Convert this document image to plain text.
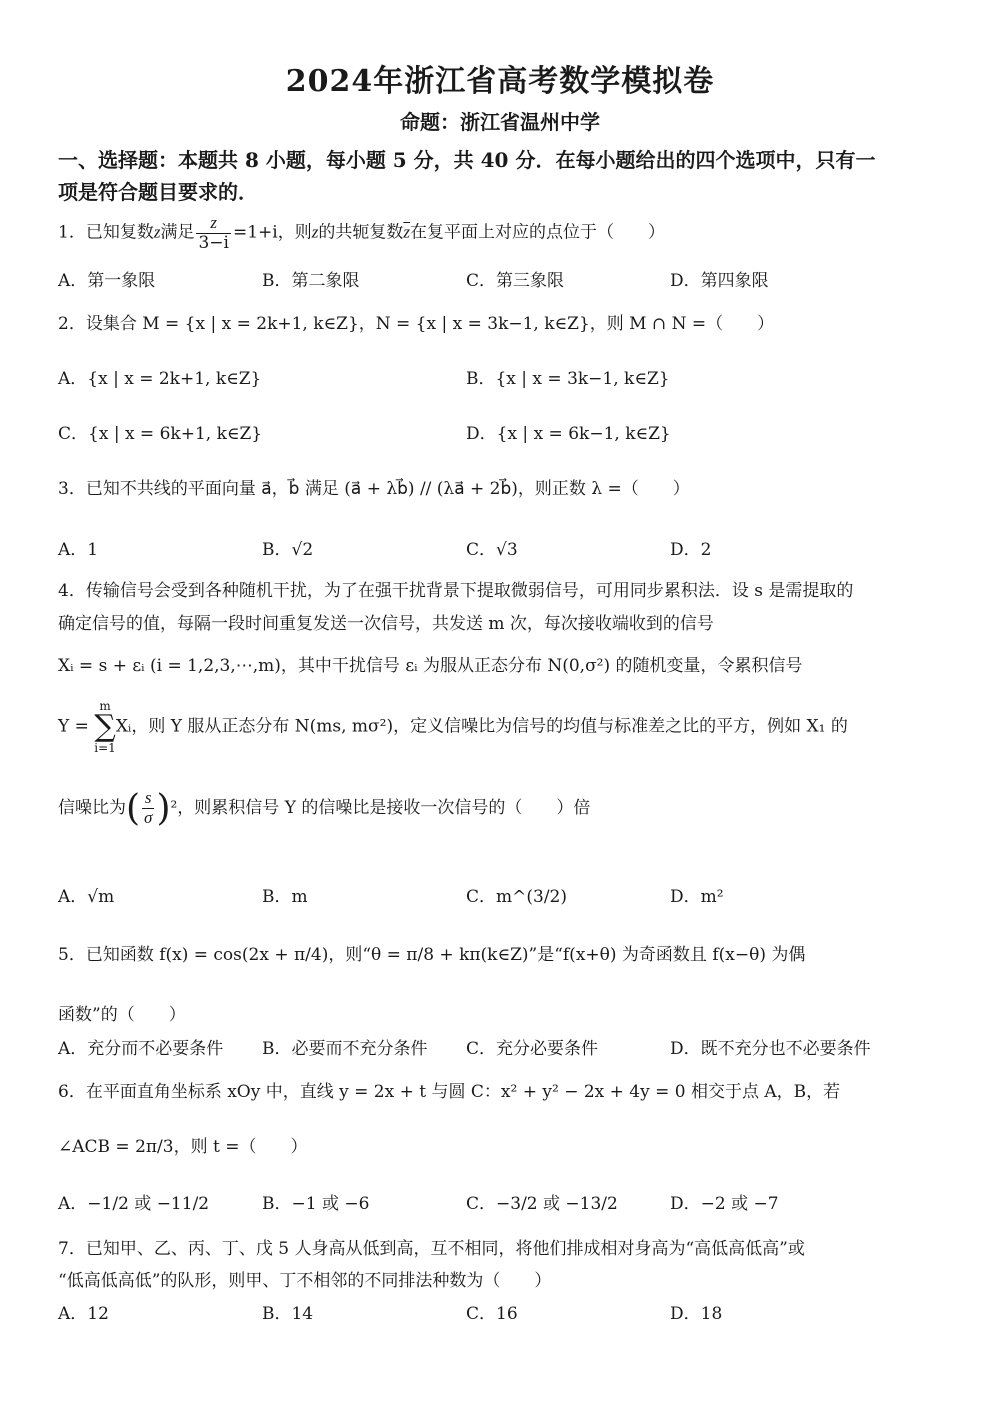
2024年浙江省高考数学模拟卷
命题：浙江省温州中学
一、选择题：本题共 8 小题，每小题 5 分，共 40 分．在每小题给出的四个选项中，只有一
项是符合题目要求的．
1．已知复数z满足 $\frac{z}{3-i} =1+i$，则z的共轭复数$\overline{z}$在复平面上对应的点位于（　　）
A．第一象限	B．第二象限	C．第三象限	D．第四象限
2．设集合 M = {x | x = 2k+1, k∈Z}，N = {x | x = 3k−1, k∈Z}，则 M ∩ N =（　　）
A．{x | x = 2k+1, k∈Z}	B．{x | x = 3k−1, k∈Z}
C．{x | x = 6k+1, k∈Z}	D．{x | x = 6k−1, k∈Z}
3．已知不共线的平面向量 a⃗，b⃗ 满足 (a⃗ + λb⃗) // (λa⃗ + 2b⃗)，则正数 λ =（　　）
A．1	B．√2	C．√3	D．2
4．传输信号会受到各种随机干扰，为了在强干扰背景下提取微弱信号，可用同步累积法．设 s 是需提取的
确定信号的值，每隔一段时间重复发送一次信号，共发送 m 次，每次接收端收到的信号
Xᵢ = s + εᵢ (i = 1,2,3,⋯,m)，其中干扰信号 εᵢ 为服从正态分布 N(0,σ²) 的随机变量，令累积信号
Y = m
∑
i=1Xᵢ，则 Y 服从正态分布 N(ms, mσ²)，定义信噪比为信号的均值与标准差之比的平方，例如 X₁ 的
信噪比为( $\frac{s}{\sigma} )^2$，则累积信号 Y 的信噪比是接收一次信号的（　　）倍
A．√m	B．m	C．m^(3/2)	D．m²
5．已知函数 f(x) = cos(2x + π/4)，则“θ = π/8 + kπ(k∈Z)”是“f(x+θ) 为奇函数且 f(x−θ) 为偶
函数”的（　　）
A．充分而不必要条件 B．必要而不充分条件 C．充分必要条件	D．既不充分也不必要条件
6．在平面直角坐标系 xOy 中，直线 y = 2x + t 与圆 C：x² + y² − 2x + 4y = 0 相交于点 A，B，若
∠ACB = 2π/3，则 t =（　　）
A．−1/2 或 −11/2	B．−1 或 −6	C．−3/2 或 −13/2	D．−2 或 −7
7．已知甲、乙、丙、丁、戊 5 人身高从低到高，互不相同，将他们排成相对身高为“高低高低高”或
“低高低高低”的队形，则甲、丁不相邻的不同排法种数为（　　）
A．12	B．14	C．16	D．18
